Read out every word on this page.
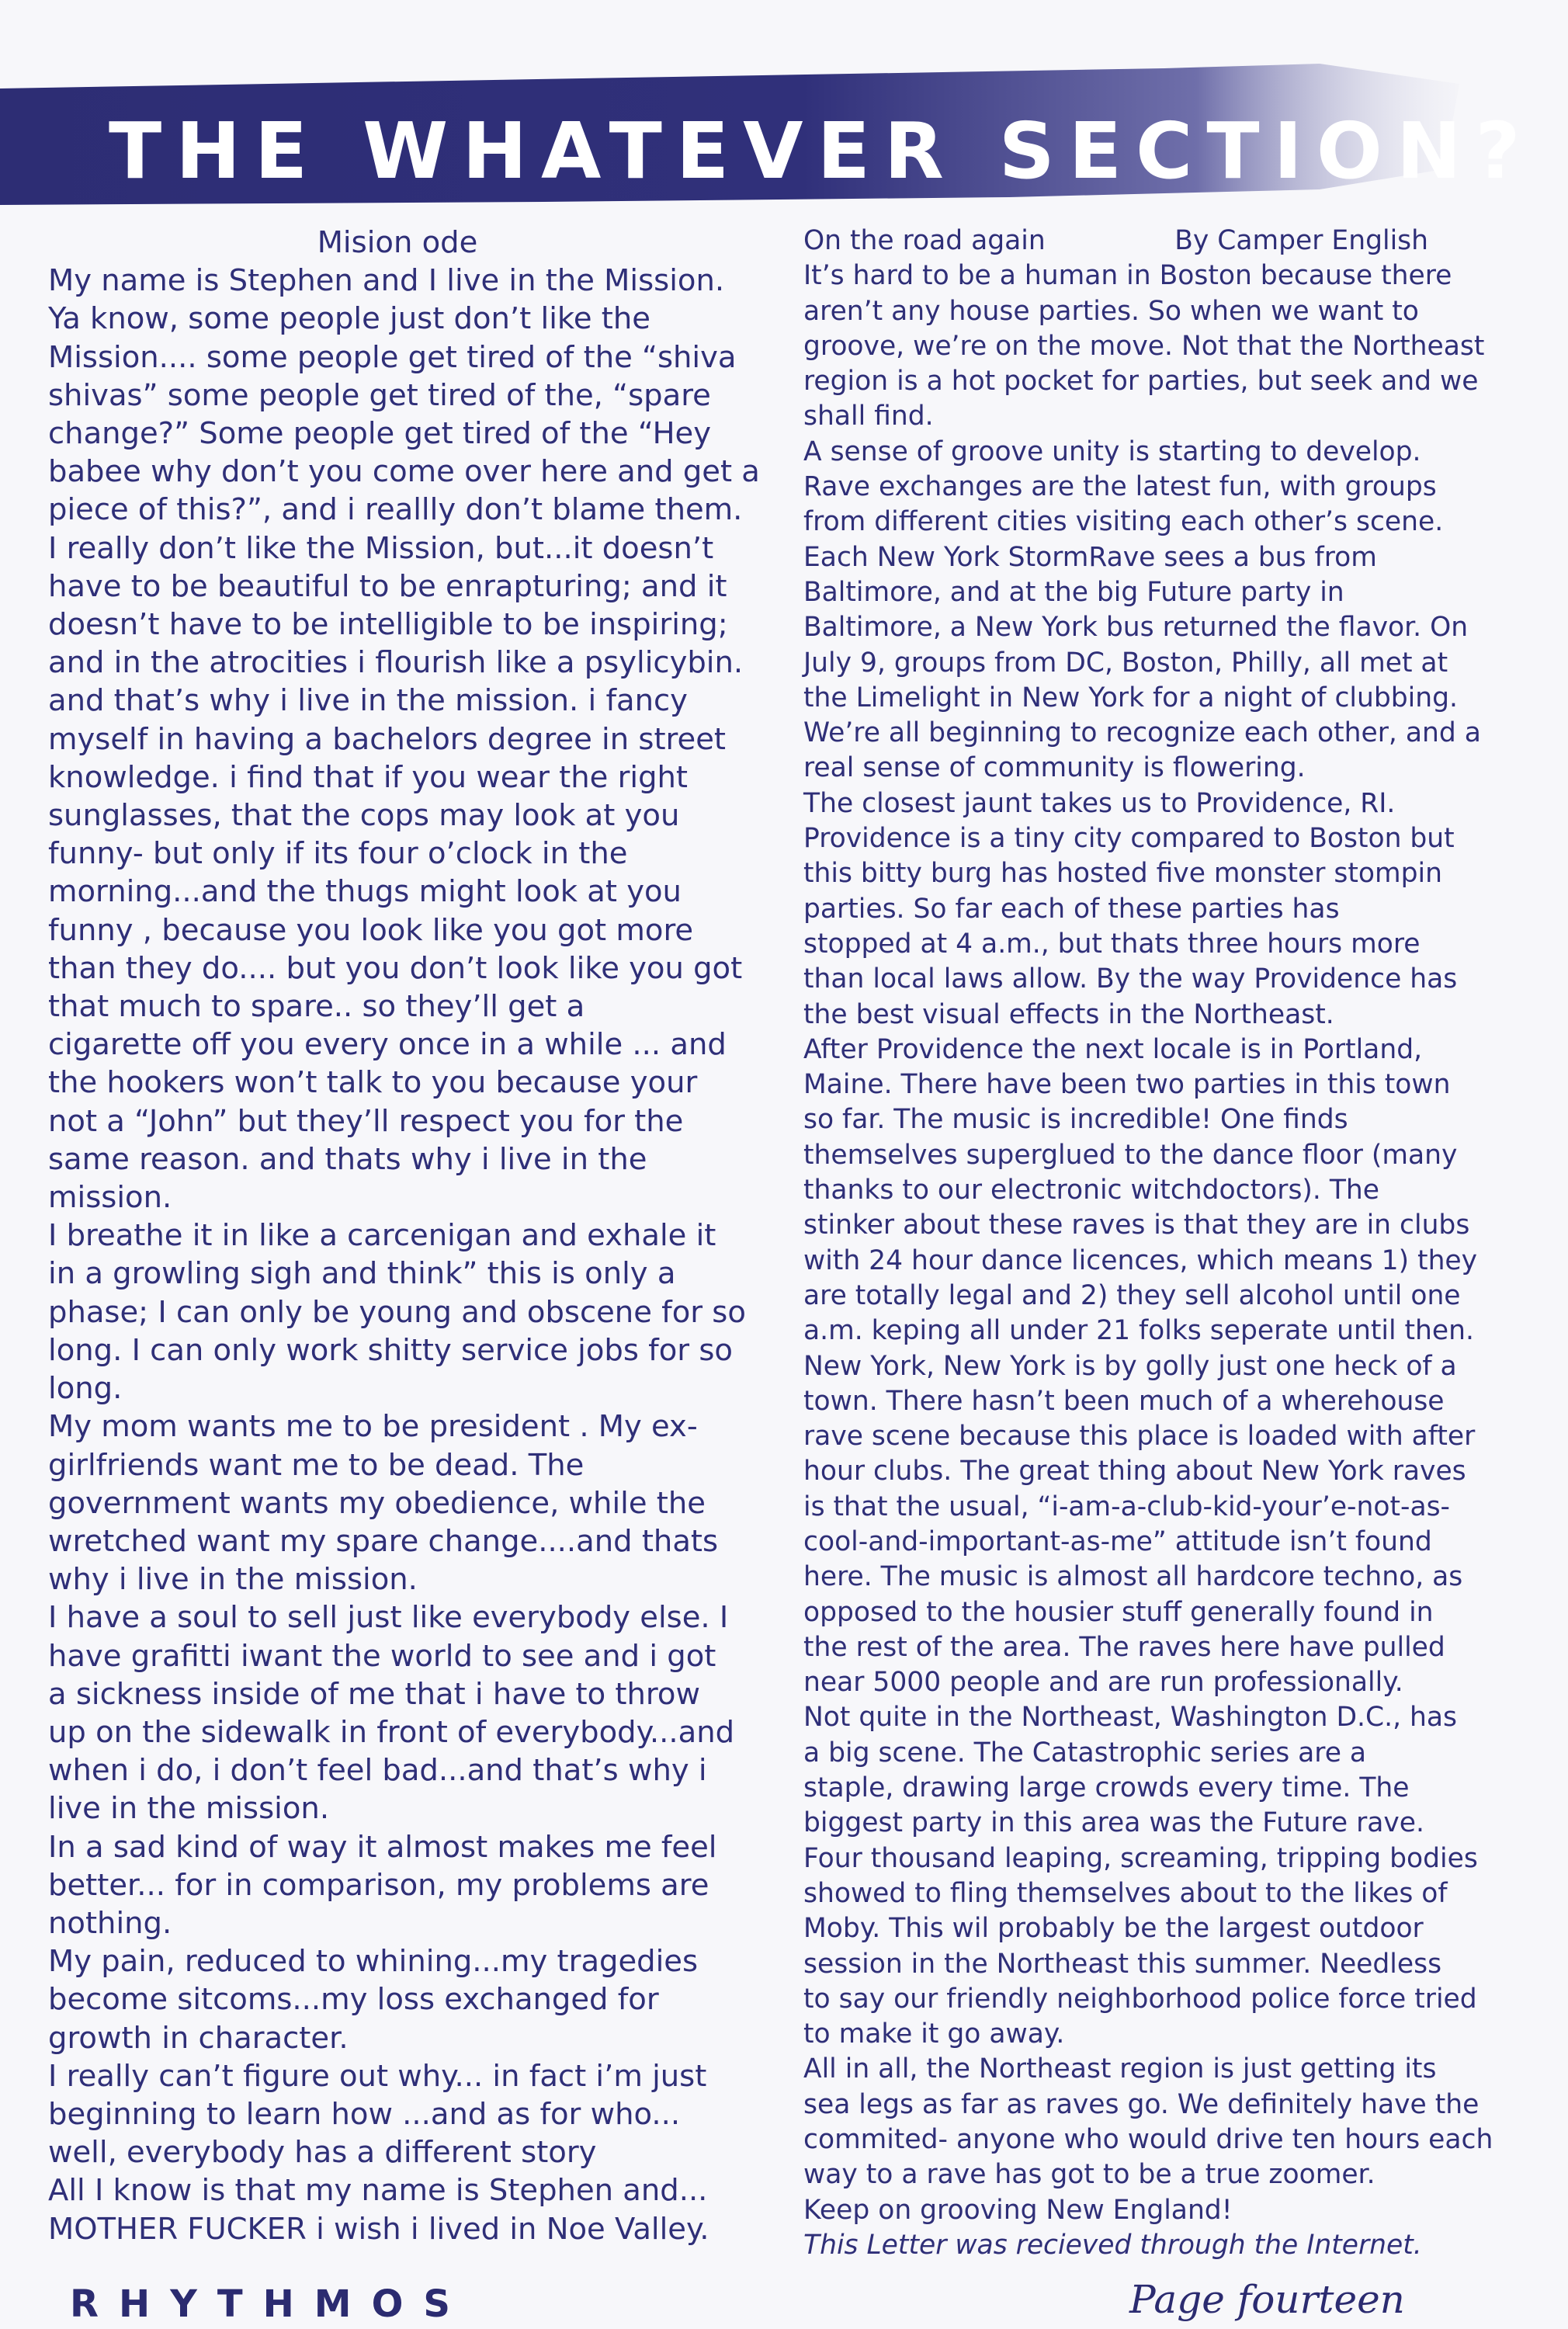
THE WHATEVER SECTION?
Mision ode
My name is Stephen and I live in the Mission.
Ya know, some people just don’t like the
Mission.... some people get tired of the “shiva
shivas” some people get tired of the, “spare
change?” Some people get tired of the “Hey
babee why don’t you come over here and get a
piece of this?”, and i reallly don’t blame them.
I really don’t like the Mission, but...it doesn’t
have to be beautiful to be enrapturing; and it
doesn’t have to be intelligible to be inspiring;
and in the atrocities i flourish like a psylicybin.
and that’s why i live in the mission. i fancy
myself in having a bachelors degree in street
knowledge. i find that if you wear the right
sunglasses, that the cops may look at you
funny- but only if its four o’clock in the
morning...and the thugs might look at you
funny , because you look like you got more
than they do.... but you don’t look like you got
that much to spare.. so they’ll get a
cigarette off you every once in a while ... and
the hookers won’t talk to you because your
not a “John” but they’ll respect you for the
same reason. and thats why i live in the
mission.
I breathe it in like a carcenigan and exhale it
in a growling sigh and think” this is only a
phase; I can only be young and obscene for so
long. I can only work shitty service jobs for so
long.
My mom wants me to be president . My ex-
girlfriends want me to be dead. The
government wants my obedience, while the
wretched want my spare change....and thats
why i live in the mission.
I have a soul to sell just like everybody else. I
have grafitti iwant the world to see and i got
a sickness inside of me that i have to throw
up on the sidewalk in front of everybody...and
when i do, i don’t feel bad...and that’s why i
live in the mission.
In a sad kind of way it almost makes me feel
better... for in comparison, my problems are
nothing.
My pain, reduced to whining...my tragedies
become sitcoms...my loss exchanged for
growth in character.
I really can’t figure out why... in fact i’m just
beginning to learn how ...and as for who...
well, everybody has a different story
All I know is that my name is Stephen and...
MOTHER FUCKER i wish i lived in Noe Valley.
On the road again	By Camper English
It’s hard to be a human in Boston because there
aren’t any house parties. So when we want to
groove, we’re on the move. Not that the Northeast
region is a hot pocket for parties, but seek and we
shall find.
A sense of groove unity is starting to develop.
Rave exchanges are the latest fun, with groups
from different cities visiting each other’s scene.
Each New York StormRave sees a bus from
Baltimore, and at the big Future party in
Baltimore, a New York bus returned the flavor. On
July 9, groups from DC, Boston, Philly, all met at
the Limelight in New York for a night of clubbing.
We’re all beginning to recognize each other, and a
real sense of community is flowering.
The closest jaunt takes us to Providence, RI.
Providence is a tiny city compared to Boston but
this bitty burg has hosted five monster stompin
parties. So far each of these parties has
stopped at 4 a.m., but thats three hours more
than local laws allow. By the way Providence has
the best visual effects in the Northeast.
After Providence the next locale is in Portland,
Maine. There have been two parties in this town
so far. The music is incredible! One finds
themselves superglued to the dance floor (many
thanks to our electronic witchdoctors). The
stinker about these raves is that they are in clubs
with 24 hour dance licences, which means 1) they
are totally legal and 2) they sell alcohol until one
a.m. keping all under 21 folks seperate until then.
New York, New York is by golly just one heck of a
town. There hasn’t been much of a wherehouse
rave scene because this place is loaded with after
hour clubs. The great thing about New York raves
is that the usual, “i-am-a-club-kid-your’e-not-as-
cool-and-important-as-me” attitude isn’t found
here. The music is almost all hardcore techno, as
opposed to the housier stuff generally found in
the rest of the area. The raves here have pulled
near 5000 people and are run professionally.
Not quite in the Northeast, Washington D.C., has
a big scene. The Catastrophic series are a
staple, drawing large crowds every time. The
biggest party in this area was the Future rave.
Four thousand leaping, screaming, tripping bodies
showed to fling themselves about to the likes of
Moby. This wil probably be the largest outdoor
session in the Northeast this summer. Needless
to say our friendly neighborhood police force tried
to make it go away.
All in all, the Northeast region is just getting its
sea legs as far as raves go. We definitely have the
commited- anyone who would drive ten hours each
way to a rave has got to be a true zoomer.
Keep on grooving New England!
This Letter was recieved through the Internet.
RHYTHMOS	Page fourteen
